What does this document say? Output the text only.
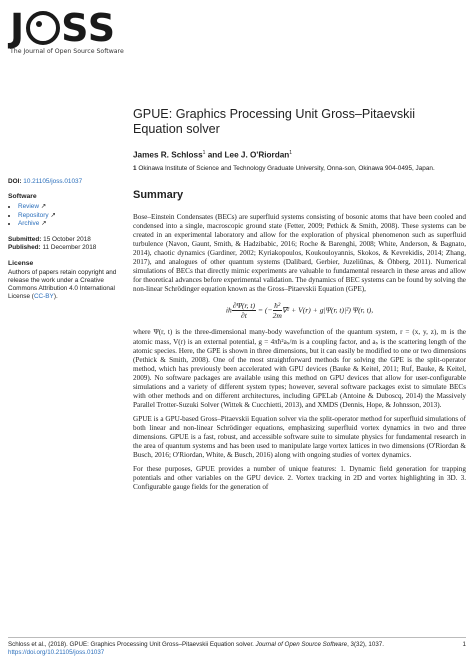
J SS
The Journal of Open Source Software
DOI: 10.21105/joss.01037
Software
• Review ↗
• Repository ↗
• Archive ↗
Submitted: 15 October 2018
Published: 11 December 2018
License
Authors of papers retain copyright and release the work under a Creative Commons Attribution 4.0 International License (CC-BY).
GPUE: Graphics Processing Unit Gross–Pitaevskii Equation solver
James R. Schloss$^1$ and Lee J. O'Riordan$^1$
1 Okinawa Institute of Science and Technology Graduate University, Onna-son, Okinawa 904-0495, Japan.
Summary

Bose–Einstein Condensates (BECs) are superfluid systems consisting of bosonic atoms that have been cooled and condensed into a single, macroscopic ground state (Fetter, 2009; Pethick & Smith, 2008). These systems can be created in an experimental laboratory and allow for the exploration of physical phenomenon such as superfluid turbulence (Navon, Gaunt, Smith, & Hadzibabic, 2016; Roche & Barenghi, 2008; White, Anderson, & Bagnato, 2014), chaotic dynamics (Gardiner, 2002; Kyriakopoulos, Koukouloyannis, Skokos, & Kevrekidis, 2014; Zhang, 2017), and analogues of other quantum systems (Dalibard, Gerbier, Juzeliūnas, & Öhberg, 2011). Numerical simulations of BECs that directly mimic experiments are valuable to fundamental research in these areas and allow for theoretical advances before experimental validation. The dynamics of BEC systems can be found by solving the non-linear Schrödinger equation known as the Gross–Pitaevskii Equation (GPE),

iħ $\frac{\partial\Psi(r, t)}{\partial t}$ = (− $\frac{\text{ħ²}}{2m} \nabla^2 + V(r) + g|\Psi(r$, t)|²) Ψ(r, t),

where Ψ(r, t) is the three-dimensional many-body wavefunction of the quantum system, r = (x, y, z), m is the atomic mass, V(r) is an external potential, g = 4πħ²aₛ/m is a coupling factor, and aₛ is the scattering length of the atomic species. Here, the GPE is shown in three dimensions, but it can easily be modified to one or two dimensions (Pethick & Smith, 2008). One of the most straightforward methods for solving the GPE is the split-operator method, which has previously been accelerated with GPU devices (Bauke & Keitel, 2011; Ruf, Bauke, & Keitel, 2009). No software packages are available using this method on GPU devices that allow for user-configurable simulations and a variety of different system types; however, several software packages exist to simulate BECs with other methods and on different architectures, including GPELab (Antoine & Duboscq, 2014) the Massively Parallel Trotter-Suzuki Solver (Wittek & Cucchietti, 2013), and XMDS (Dennis, Hope, & Johnsson, 2013).

GPUE is a GPU-based Gross–Pitaevskii Equation solver via the split-operator method for superfluid simulations of both linear and non-linear Schrödinger equations, emphasizing superfluid vortex dynamics in two and three dimensions. GPUE is a fast, robust, and accessible software suite to simulate physics for fundamental research in the area of quantum systems and has been used to manipulate large vortex lattices in two dimensions (O'Riordan & Busch, 2016; O'Riordan, White, & Busch, 2016) along with ongoing studies of vortex dynamics.

For these purposes, GPUE provides a number of unique features: 1. Dynamic field generation for trapping potentials and other variables on the GPU device. 2. Vortex tracking in 2D and vortex highlighting in 3D. 3. Configurable gauge fields for the generation of

Schloss et al., (2018). GPUE: Graphics Processing Unit Gross–Pitaevskii Equation solver. Journal of Open Source Software, 3(32), 1037.
https://doi.org/10.21105/joss.01037
1
